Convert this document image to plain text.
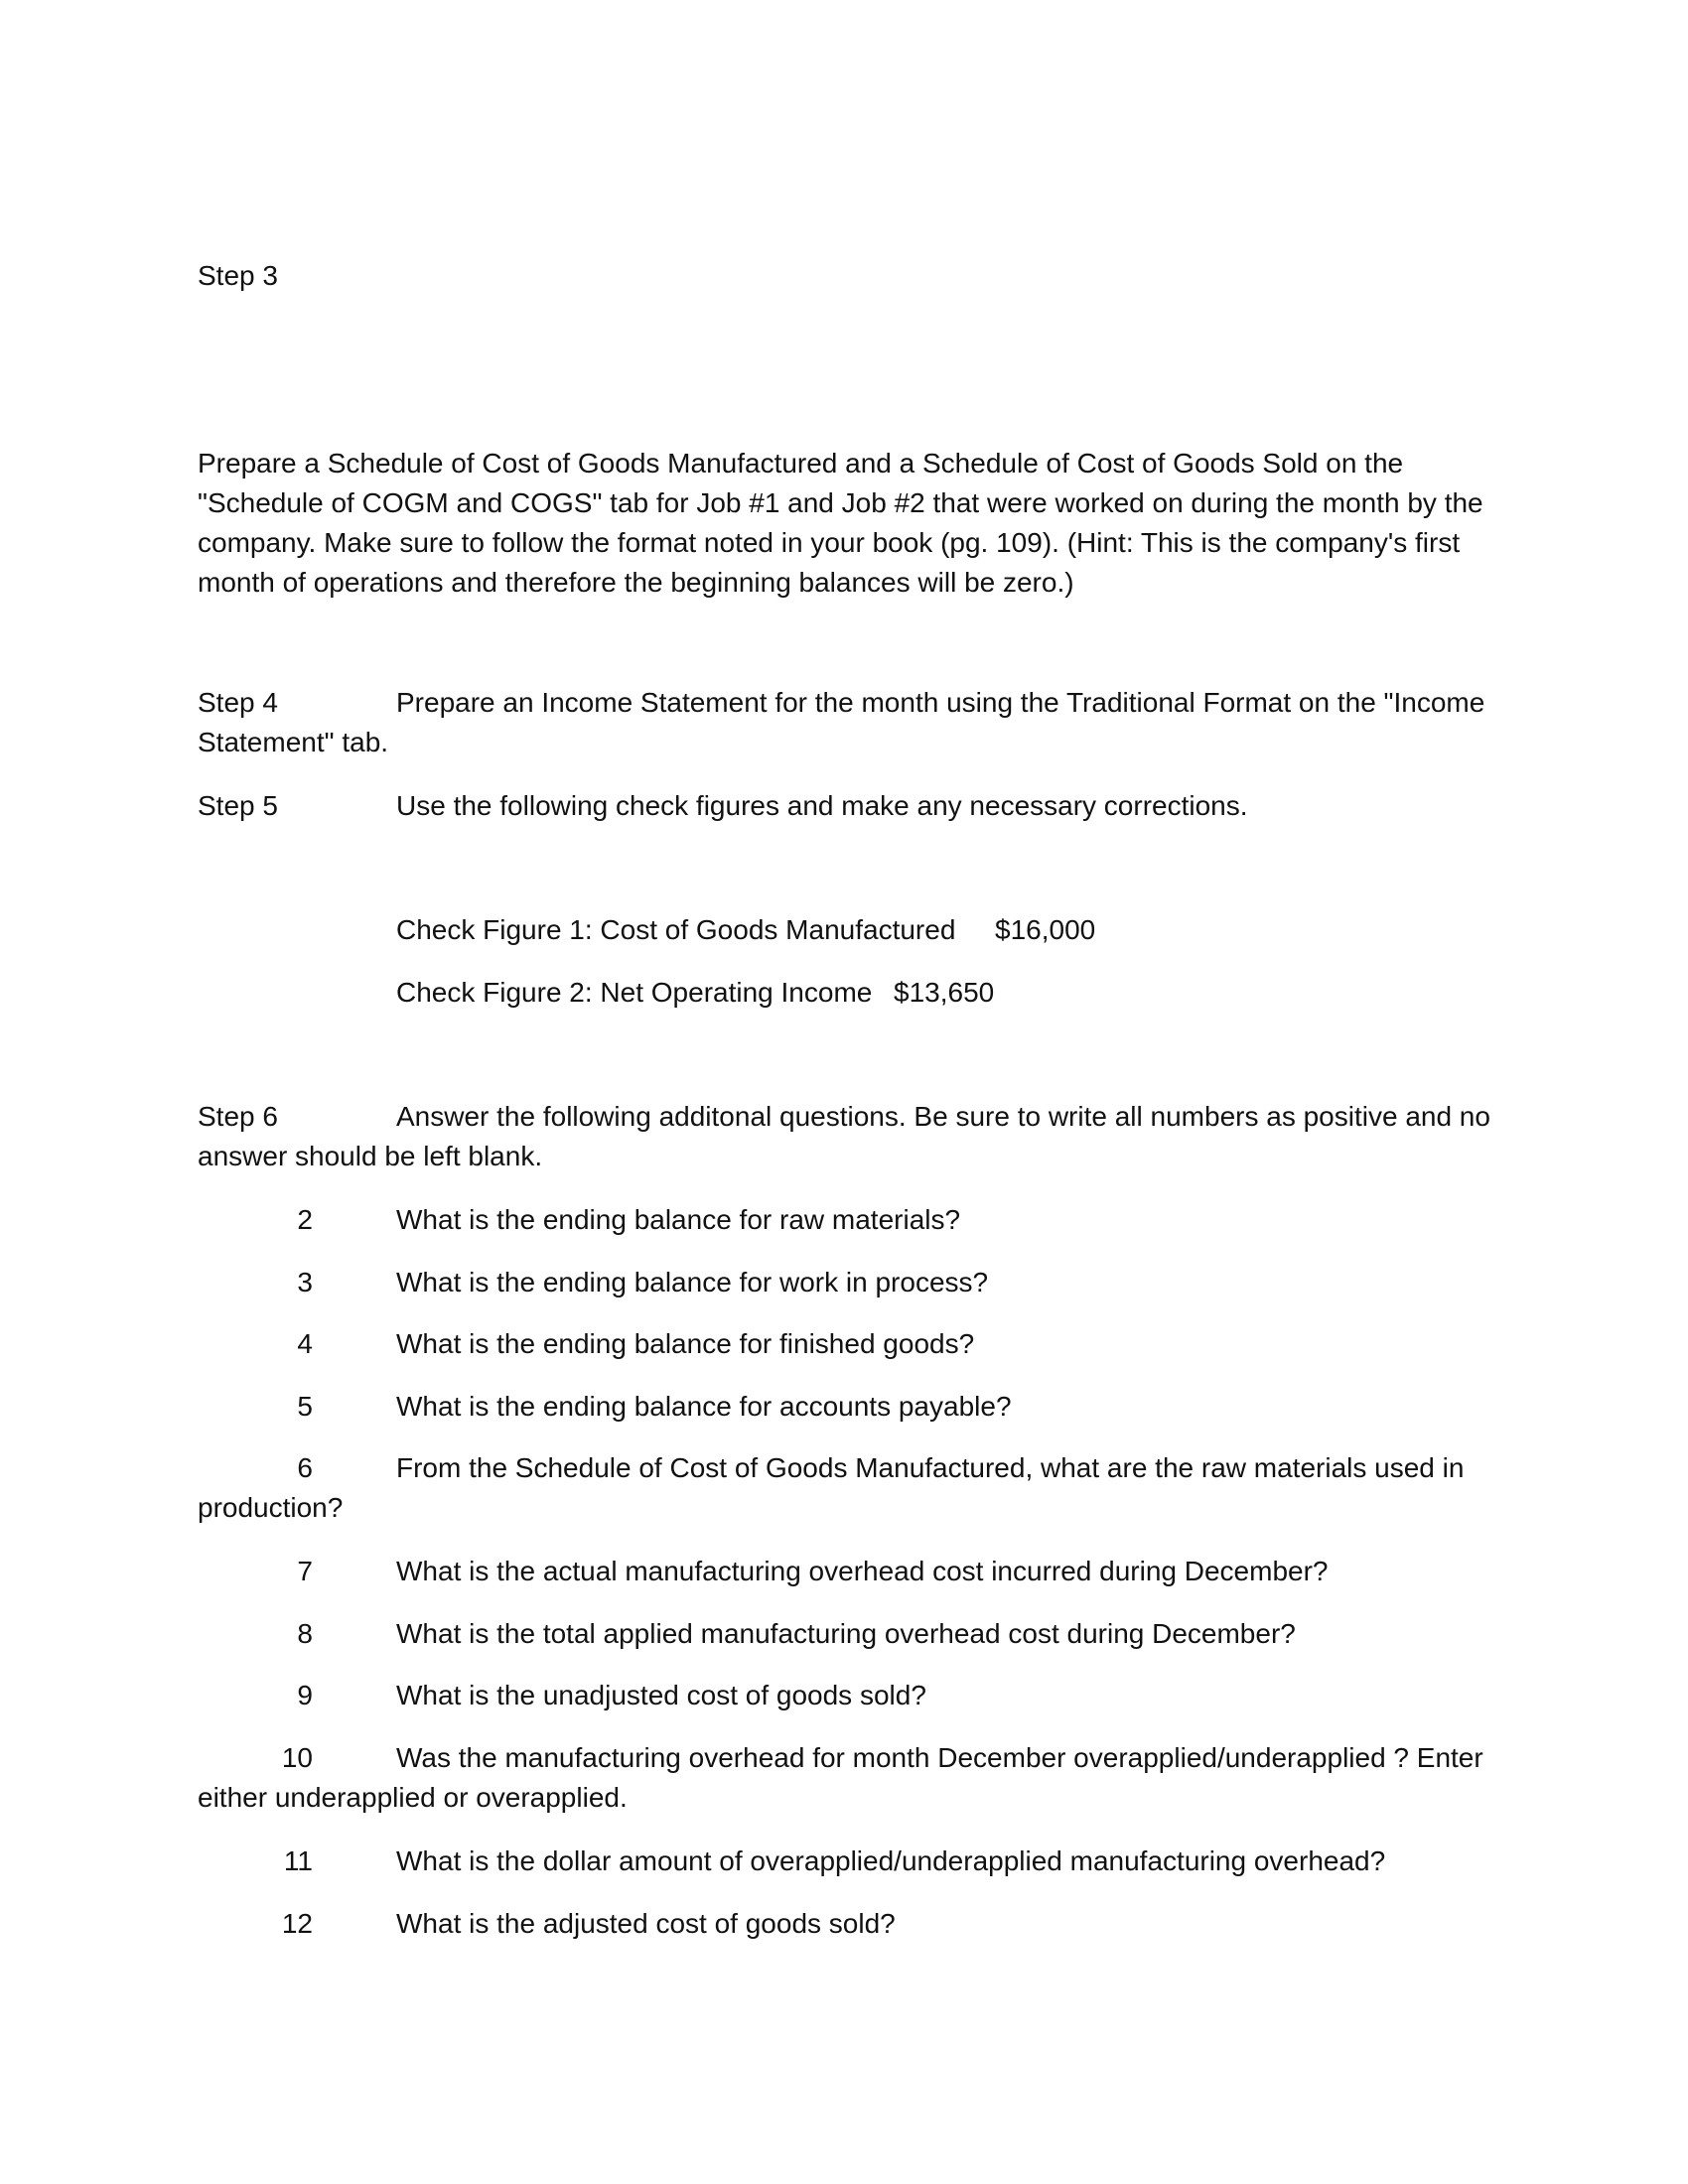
Step 3

Prepare a Schedule of Cost of Goods Manufactured and a Schedule of Cost of Goods Sold on the "Schedule of COGM and COGS" tab for Job #1 and Job #2 that were worked on during the month by the company. Make sure to follow the format noted in your book (pg. 109). (Hint: This is the company's first month of operations and therefore the beginning balances will be zero.)

Step 4	Prepare an Income Statement for the month using the Traditional Format on the "Income Statement" tab.

Step 5	Use the following check figures and make any necessary corrections.

Check Figure 1: Cost of Goods Manufactured $16,000

Check Figure 2: Net Operating Income $13,650

Step 6	Answer the following additonal questions. Be sure to write all numbers as positive and no answer should be left blank.

2	What is the ending balance for raw materials?

3	What is the ending balance for work in process?

4	What is the ending balance for finished goods?

5	What is the ending balance for accounts payable?

6	From the Schedule of Cost of Goods Manufactured, what are the raw materials used in production?

7	What is the actual manufacturing overhead cost incurred during December?

8	What is the total applied manufacturing overhead cost during December?

9	What is the unadjusted cost of goods sold?

10	Was the manufacturing overhead for month December overapplied/underapplied ? Enter either underapplied or overapplied.

11	What is the dollar amount of overapplied/underapplied manufacturing overhead?

12	What is the adjusted cost of goods sold?
